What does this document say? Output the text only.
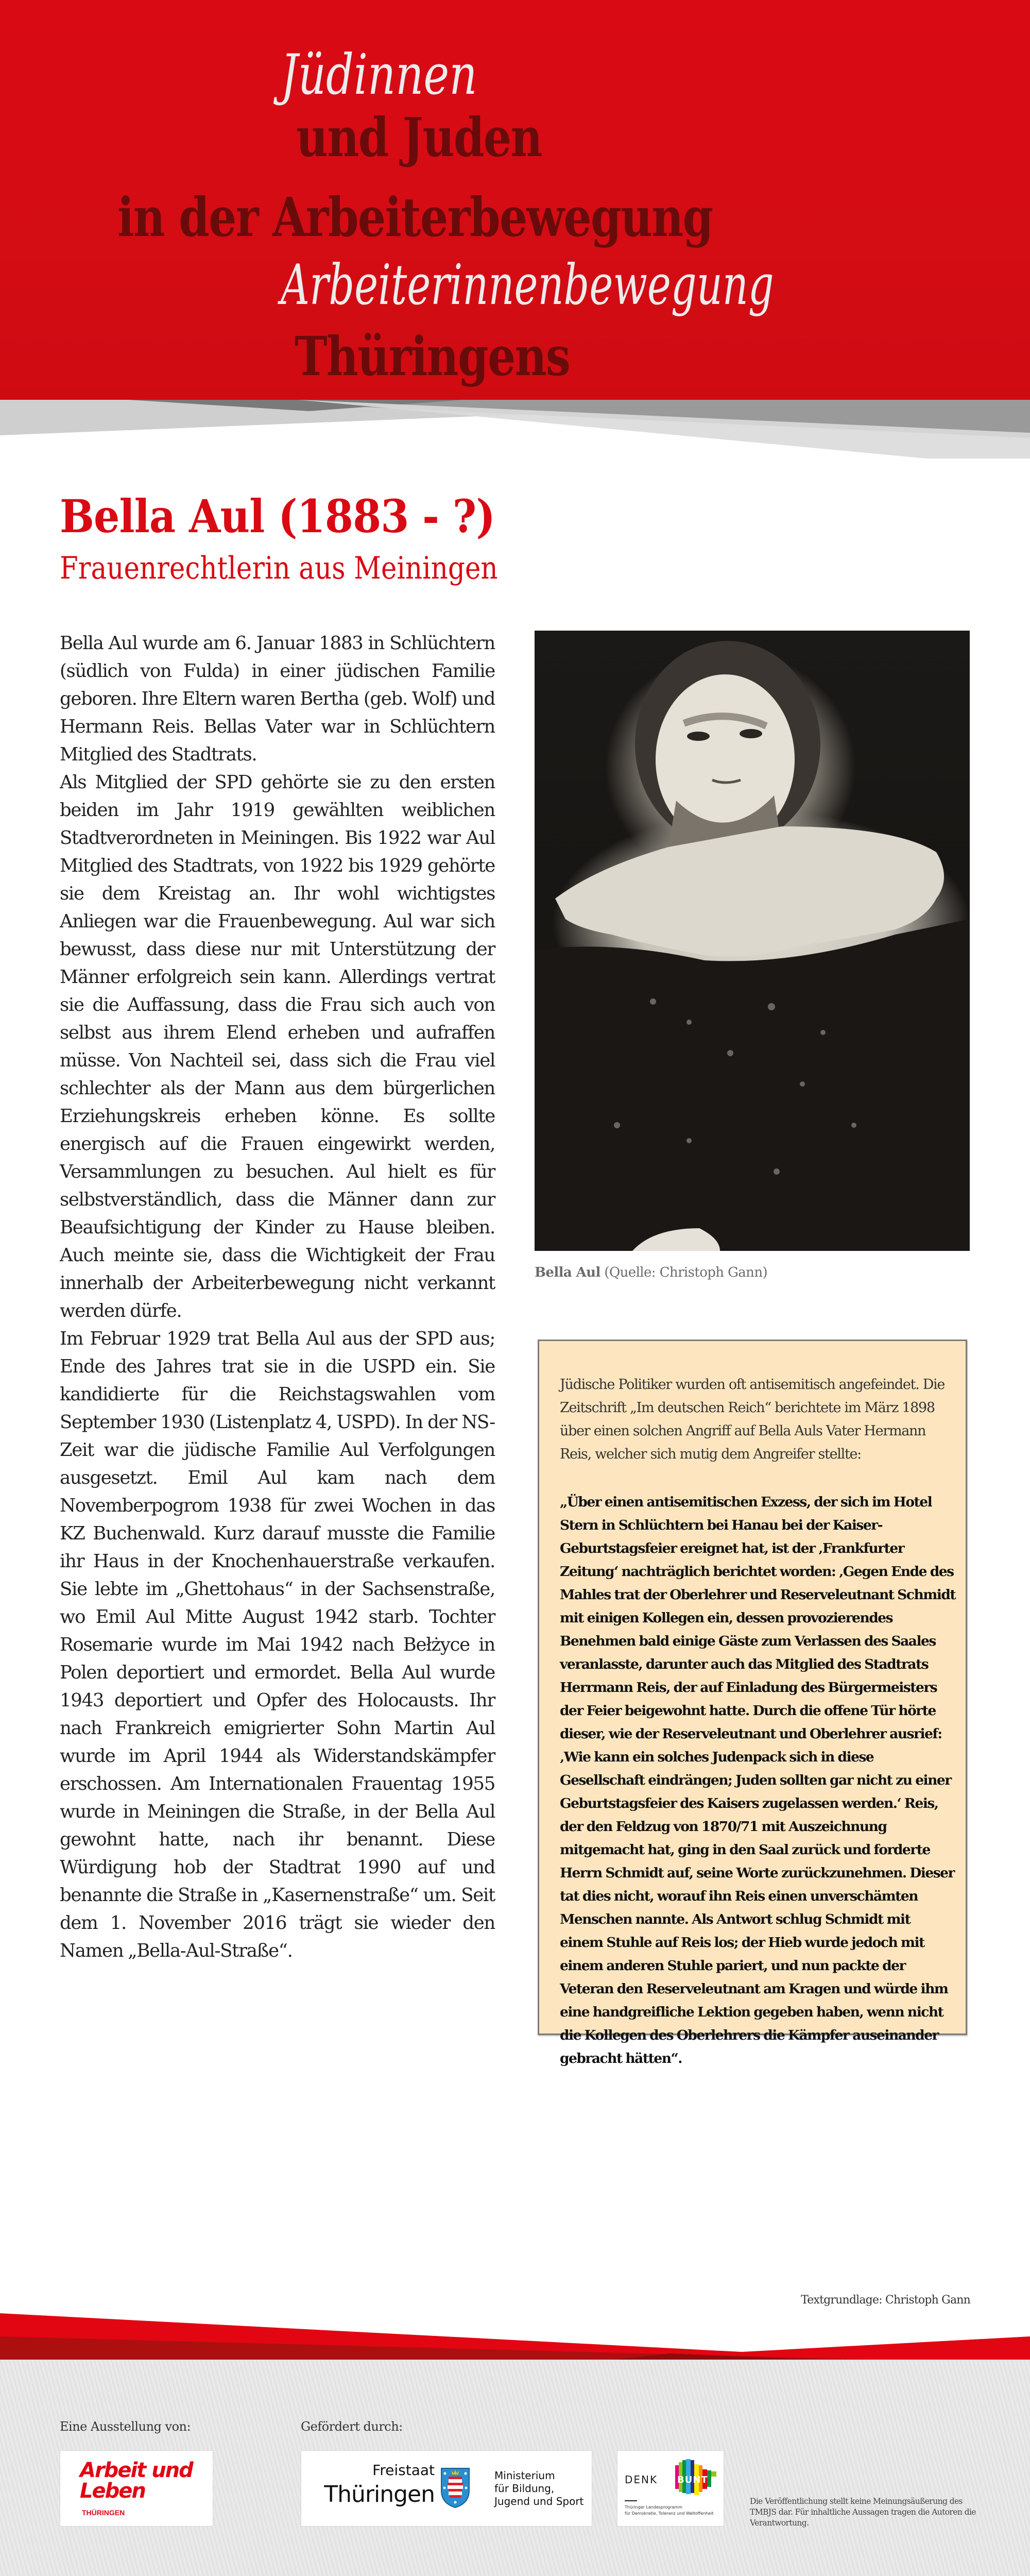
Jüdinnen
und Juden
in der Arbeiterbewegung
Arbeiterinnenbewegung
Thüringens
Bella Aul (1883 - ?)
Frauenrechtlerin aus Meiningen

Bella Aul wurde am 6. Januar 1883 in Schlüchtern (südlich von Fulda) in einer jüdischen Familie geboren. Ihre Eltern waren Bertha (geb. Wolf) und Hermann Reis. Bellas Vater war in Schlüchtern Mitglied des Stadtrats.

Als Mitglied der SPD gehörte sie zu den ersten beiden im Jahr 1919 gewählten weiblichen Stadtverordneten in Meiningen. Bis 1922 war Aul Mitglied des Stadtrats, von 1922 bis 1929 gehörte sie dem Kreistag an. Ihr wohl wichtigstes Anliegen war die Frauenbewegung. Aul war sich bewusst, dass diese nur mit Unterstützung der Männer erfolgreich sein kann. Allerdings vertrat sie die Auffassung, dass die Frau sich auch von selbst aus ihrem Elend erheben und aufraffen müsse. Von Nachteil sei, dass sich die Frau viel schlechter als der Mann aus dem bürgerlichen Erziehungskreis erheben könne. Es sollte energisch auf die Frauen eingewirkt werden, Versammlungen zu besuchen. Aul hielt es für selbstverständlich, dass die Männer dann zur Beaufsichtigung der Kinder zu Hause bleiben. Auch meinte sie, dass die Wichtigkeit der Frau innerhalb der Arbeiterbewegung nicht verkannt werden dürfe.

Im Februar 1929 trat Bella Aul aus der SPD aus; Ende des Jahres trat sie in die USPD ein. Sie kandidierte für die Reichstagswahlen vom September 1930 (Listenplatz 4, USPD). In der NS-Zeit war die jüdische Familie Aul Verfolgungen ausgesetzt. Emil Aul kam nach dem Novemberpogrom 1938 für zwei Wochen in das KZ Buchenwald. Kurz darauf musste die Familie ihr Haus in der Knochenhauerstraße verkaufen. Sie lebte im „Ghettohaus“ in der Sachsenstraße, wo Emil Aul Mitte August 1942 starb. Tochter Rosemarie wurde im Mai 1942 nach Bełżyce in Polen deportiert und ermordet. Bella Aul wurde 1943 deportiert und Opfer des Holocausts. Ihr nach Frankreich emigrierter Sohn Martin Aul wurde im April 1944 als Widerstandskämpfer erschossen. Am Internationalen Frauentag 1955 wurde in Meiningen die Straße, in der Bella Aul gewohnt hatte, nach ihr benannt. Diese Würdigung hob der Stadtrat 1990 auf und benannte die Straße in „Kasernenstraße“ um. Seit dem 1. November 2016 trägt sie wieder den Namen „Bella-Aul-Straße“.

Bella Aul (Quelle: Christoph Gann)
Jüdische Politiker wurden oft antisemitisch angefeindet. Die Zeitschrift „Im deutschen Reich“ berichtete im März 1898 über einen solchen Angriff auf Bella Auls Vater Hermann Reis, welcher sich mutig dem Angreifer stellte:
„Über einen antisemitischen Exzess, der sich im Hotel Stern in Schlüchtern bei Hanau bei der Kaiser-Geburtstagsfeier ereignet hat, ist der ‚Frankfurter Zeitung‘ nachträglich berichtet worden: ‚Gegen Ende des Mahles trat der Oberlehrer und Reserveleutnant Schmidt mit einigen Kollegen ein, dessen provozierendes Benehmen bald einige Gäste zum Verlassen des Saales veranlasste, darunter auch das Mitglied des Stadtrats Herrmann Reis, der auf Einladung des Bürgermeisters der Feier beigewohnt hatte. Durch die offene Tür hörte dieser, wie der Reserveleutnant und Oberlehrer ausrief: ‚Wie kann ein solches Judenpack sich in diese Gesellschaft eindrängen; Juden sollten gar nicht zu einer Geburtstagsfeier des Kaisers zugelassen werden.‘ Reis, der den Feldzug von 1870/71 mit Auszeichnung mitgemacht hat, ging in den Saal zurück und forderte Herrn Schmidt auf, seine Worte zurückzunehmen. Dieser tat dies nicht, worauf ihn Reis einen unverschämten Menschen nannte. Als Antwort schlug Schmidt mit einem Stuhle auf Reis los; der Hieb wurde jedoch mit einem anderen Stuhle pariert, und nun packte der Veteran den Reserveleutnant am Kragen und würde ihm eine handgreifliche Lektion gegeben haben, wenn nicht die Kollegen des Oberlehrers die Kämpfer auseinander gebracht hätten“.
Textgrundlage: Christoph Gann
Eine Ausstellung von:	Gefördert durch:
Arbeit und
Leben
THÜRINGEN
Freistaat
Thüringen
Ministerium
für Bildung,
Jugend und Sport
DENK BUNT
Thüringer Landesprogramm
für Demokratie, Toleranz und Weltoffenheit
Die Veröffentlichung stellt keine Meinungsäußerung des TMBJS dar. Für inhaltliche Aussagen tragen die Autoren die Verantwortung.
